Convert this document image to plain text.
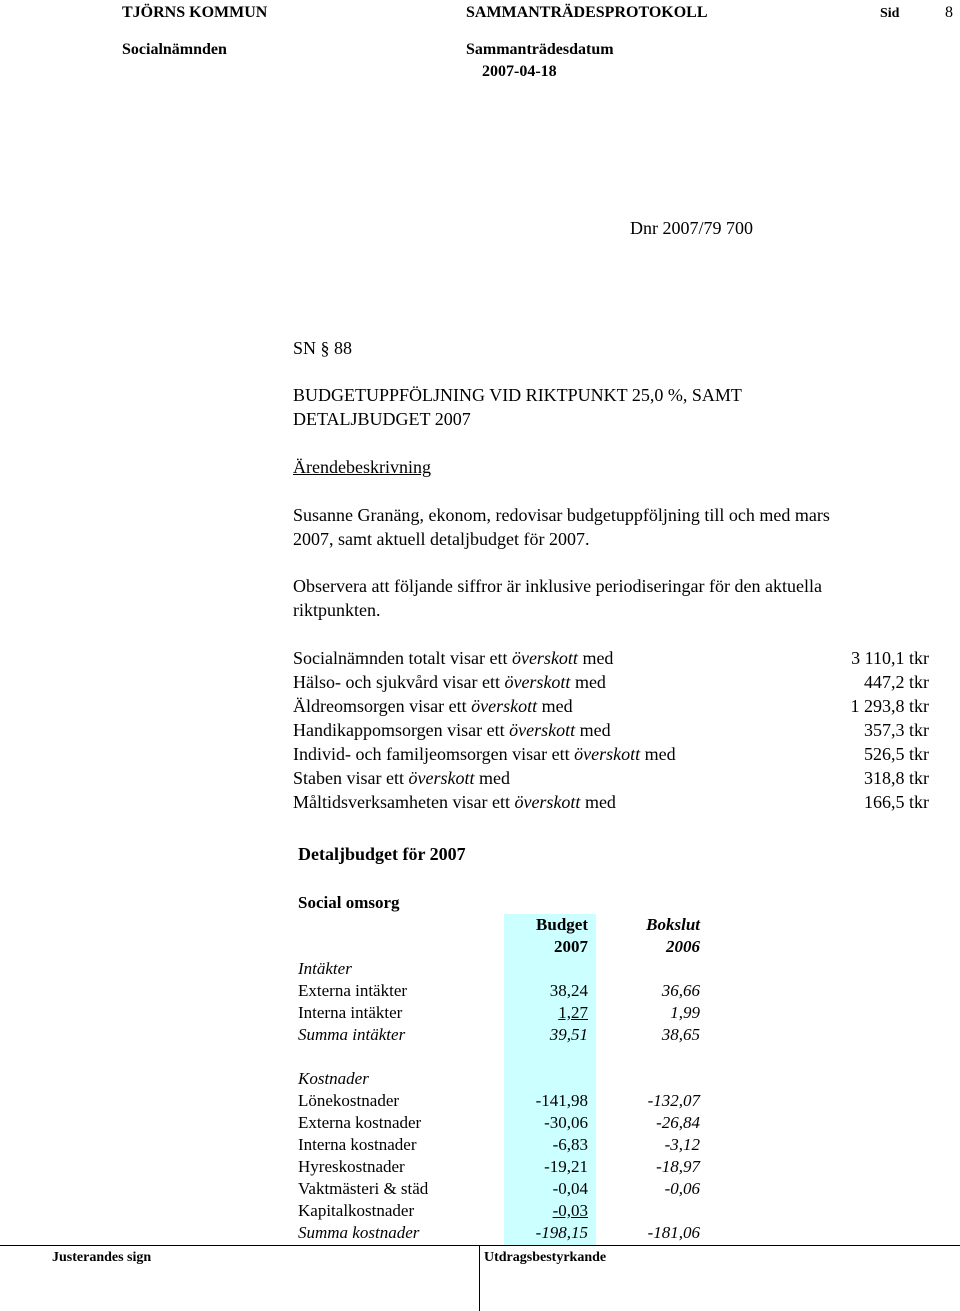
TJÖRNS KOMMUN	SAMMANTRÄDESPROTOKOLL	Sid	8
Socialnämnden	Sammanträdesdatum
2007-04-18
Dnr 2007/79 700
SN § 88
BUDGETUPPFÖLJNING VID RIKTPUNKT 25,0 %, SAMT
DETALJBUDGET 2007
Ärendebeskrivning
Susanne Granäng, ekonom, redovisar budgetuppföljning till och med mars
2007, samt aktuell detaljbudget för 2007.
Observera att följande siffror är inklusive periodiseringar för den aktuella
riktpunkten.
Socialnämnden totalt visar ett överskott med	3 110,1 tkr
Hälso- och sjukvård visar ett överskott med	447,2 tkr
Äldreomsorgen visar ett överskott med	1 293,8 tkr
Handikappomsorgen visar ett överskott med	357,3 tkr
Individ- och familjeomsorgen visar ett överskott med	526,5 tkr
Staben visar ett överskott med	318,8 tkr
Måltidsverksamheten visar ett överskott med	166,5 tkr
Detaljbudget för 2007
Social omsorg
Budget	Bokslut
2007	2006
Intäkter
Externa intäkter	38,24	36,66
Interna intäkter	1,27	1,99
Summa intäkter	39,51	38,65
Kostnader
Lönekostnader	-141,98	-132,07
Externa kostnader	-30,06	-26,84
Interna kostnader	-6,83	-3,12
Hyreskostnader	-19,21	-18,97
Vaktmästeri & städ	-0,04	-0,06
Kapitalkostnader	-0,03
Summa kostnader	-198,15	-181,06
Justerandes sign	Utdragsbestyrkande
